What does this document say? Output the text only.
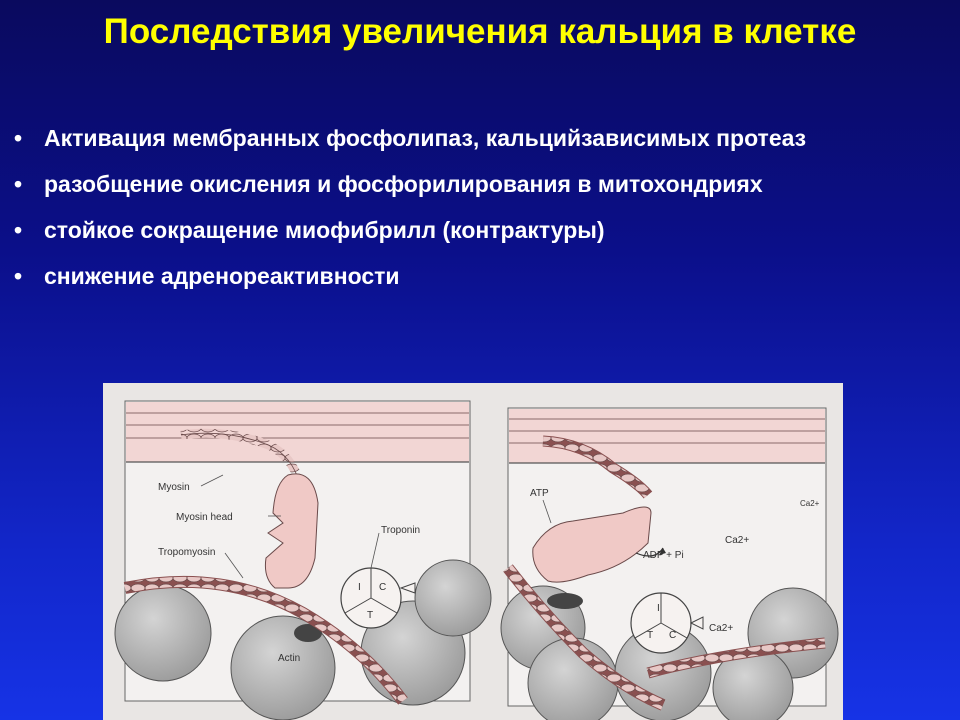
Последствия увеличения кальция в клетке
• Активация мембранных фосфолипаз, кальцийзависимых протеаз
• разобщение окисления и фосфорилирования в митохондриях
• стойкое сокращение миофибрилл (контрактуры)
• снижение адренореактивности
I C
T
Myosin
Myosin head
Tropomyosin
Troponin
Actin
I
T C
ATP
ADP + Pi
Ca2+
Ca2+
Ca2+
